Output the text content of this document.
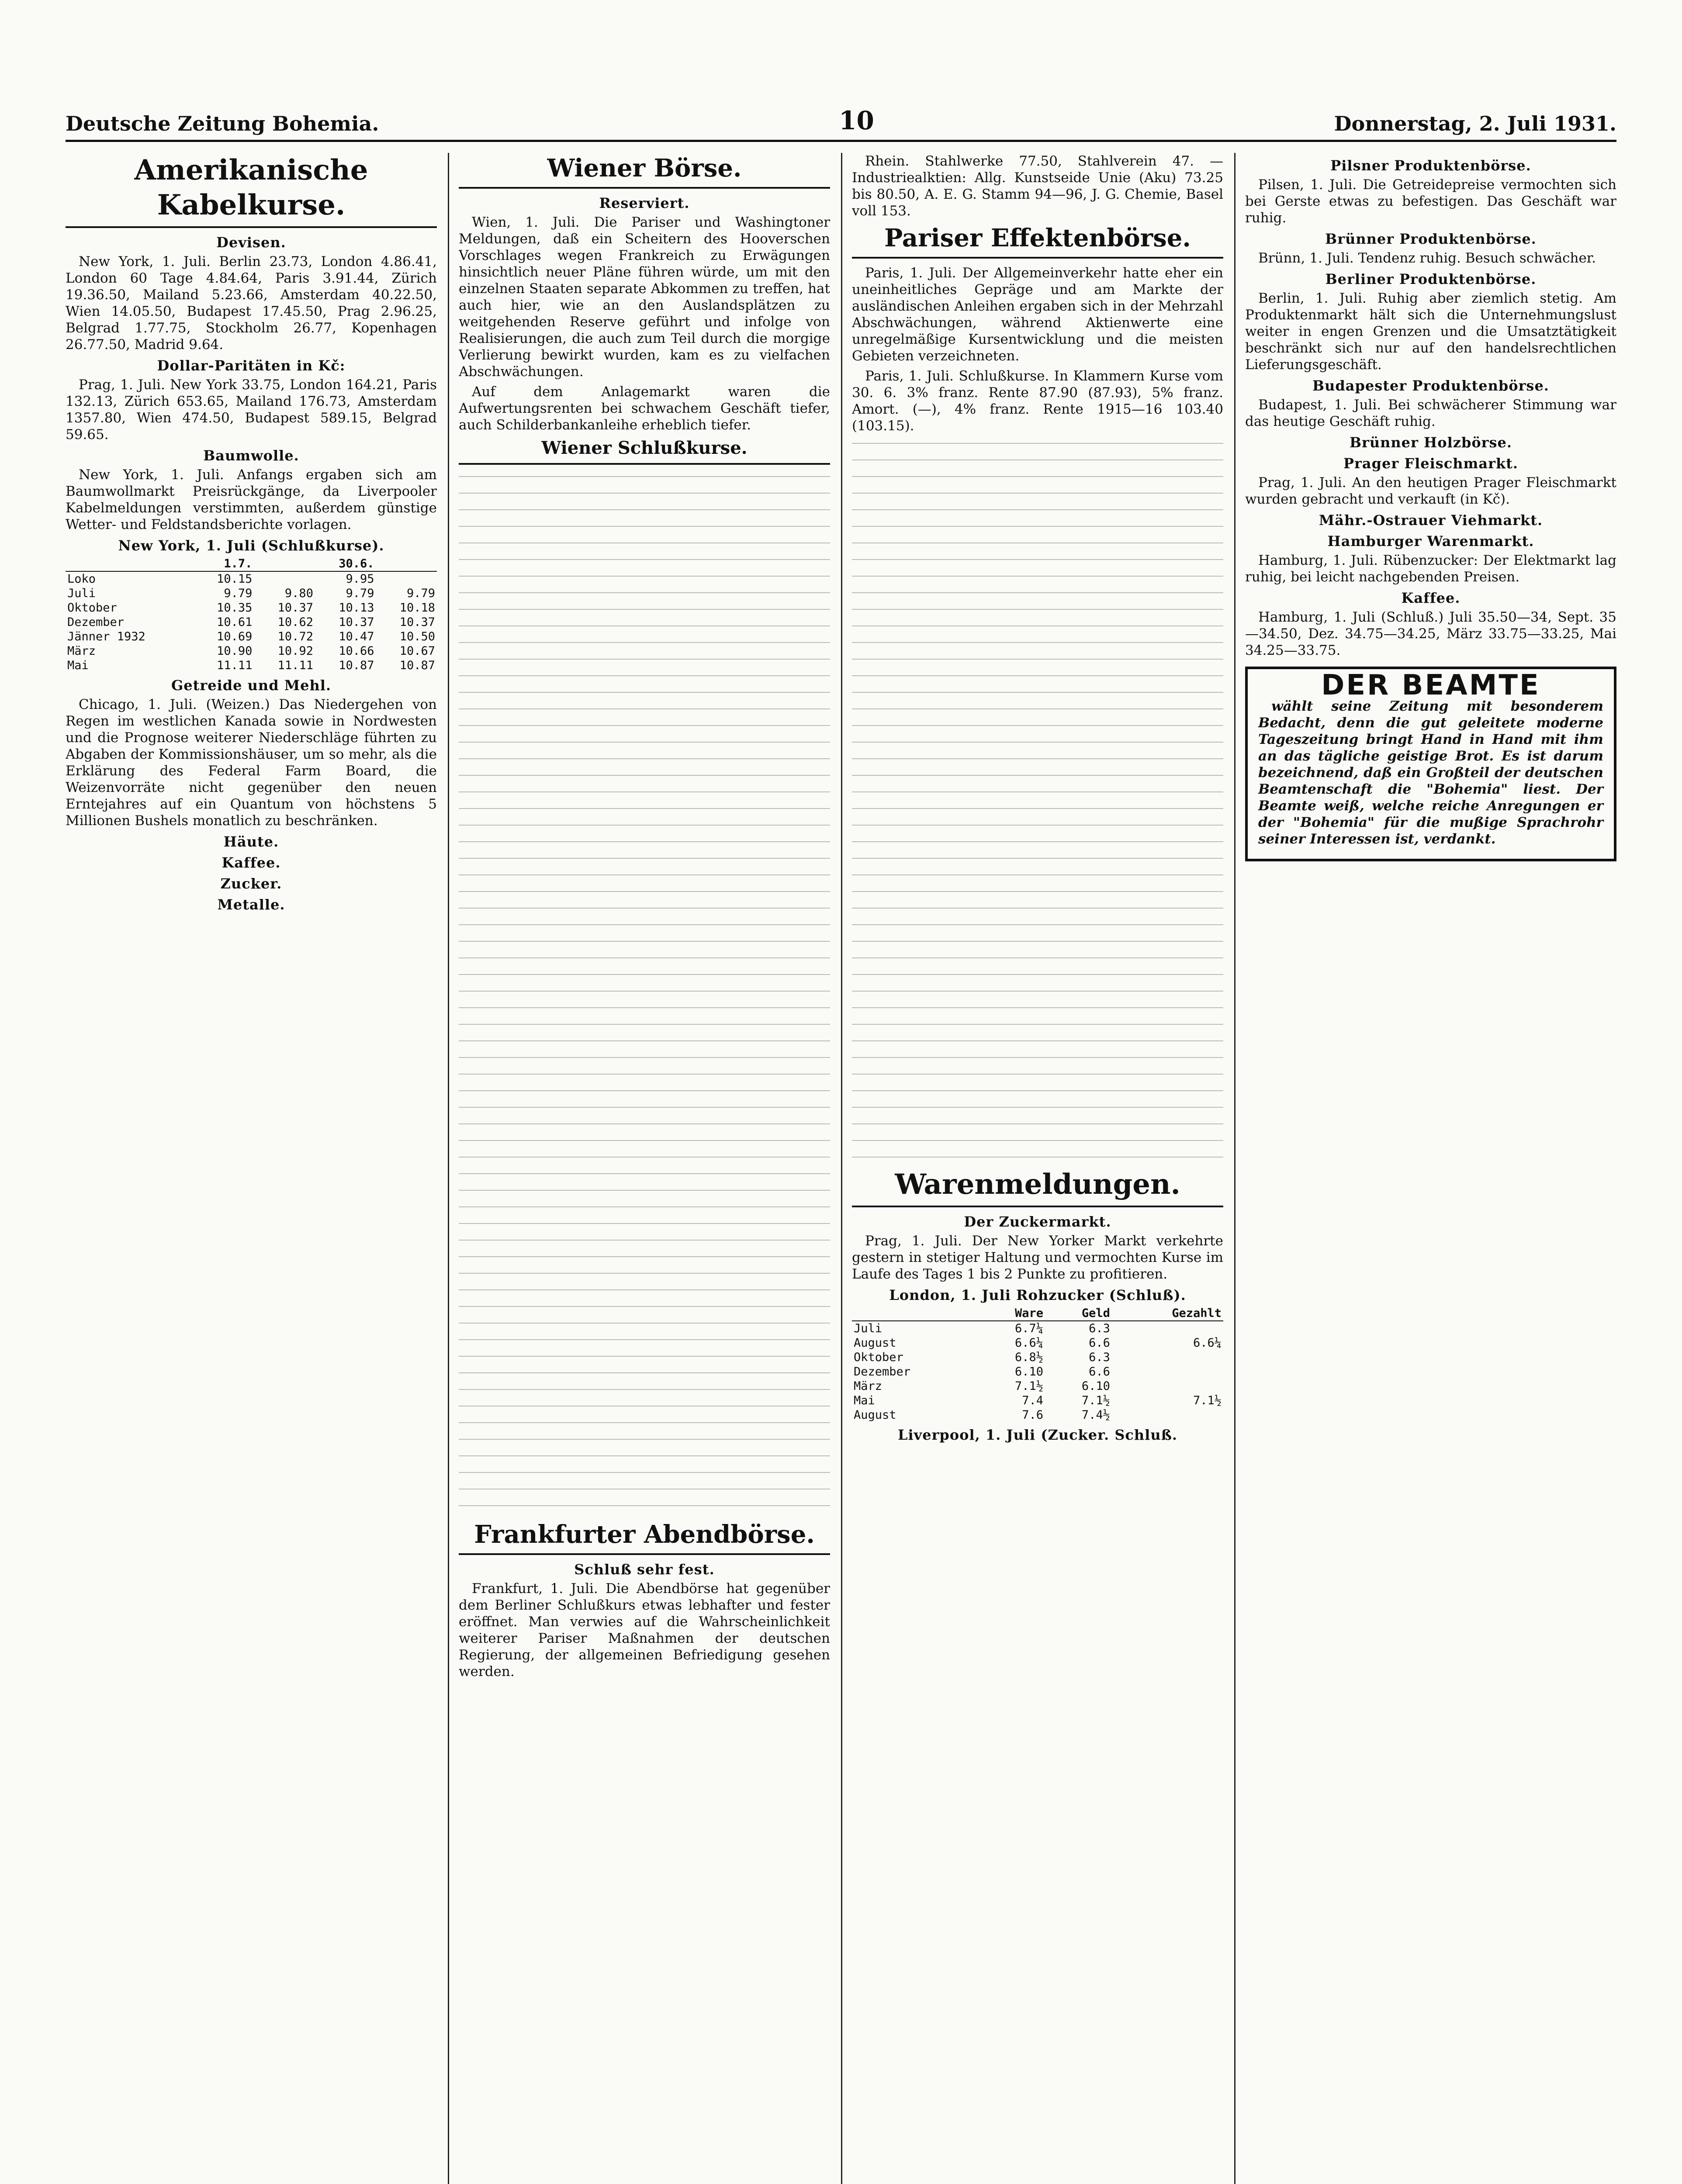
Deutsche Zeitung Bohemia.	10	Donnerstag, 2. Juli 1931.
Amerikanische Kabelkurse.
Devisen.

New York, 1. Juli. Berlin 23.73, London 4.86.41, London 60 Tage 4.84.64, Paris 3.91.44, Zürich 19.36.50, Mailand 5.23.66, Amsterdam 40.22.50, Wien 14.05.50, Budapest 17.45.50, Prag 2.96.25, Belgrad 1.77.75, Stockholm 26.77, Kopenhagen 26.77.50, Madrid 9.64.

Dollar-Paritäten in Kč:

Prag, 1. Juli. New York 33.75, London 164.21, Paris 132.13, Zürich 653.65, Mailand 176.73, Amsterdam 1357.80, Wien 474.50, Budapest 589.15, Belgrad 59.65.

Baumwolle.

New York, 1. Juli. Anfangs ergaben sich am Baumwollmarkt Preisrückgänge, da Liverpooler Kabelmeldungen verstimmten, außerdem günstige Wetter- und Feldstandsberichte vorlagen.

New York, 1. Juli (Schlußkurse).
	1.7.		30.6.	
Loko	10.15		9.95	
Juli	9.79	9.80	9.79	9.79
Oktober	10.35	10.37	10.13	10.18
Dezember	10.61	10.62	10.37	10.37
Jänner 1932	10.69	10.72	10.47	10.50
März	10.90	10.92	10.66	10.67
Mai	11.11	11.11	10.87	10.87
Getreide und Mehl.

Chicago, 1. Juli. (Weizen.) Das Niedergehen von Regen im westlichen Kanada sowie in Nordwesten und die Prognose weiterer Niederschläge führten zu Abgaben der Kommissionshäuser, um so mehr, als die Erklärung des Federal Farm Board, die Weizenvorräte nicht gegenüber den neuen Erntejahres auf ein Quantum von höchstens 5 Millionen Bushels monatlich zu beschränken.

Häute.
Kaffee.
Zucker.
Metalle.
Wiener Börse.
Reserviert.

Wien, 1. Juli. Die Pariser und Washingtoner Meldungen, daß ein Scheitern des Hooverschen Vorschlages wegen Frankreich zu Erwägungen hinsichtlich neuer Pläne führen würde, um mit den einzelnen Staaten separate Abkommen zu treffen, hat auch hier, wie an den Auslandsplätzen zu weitgehenden Reserve geführt und infolge von Realisierungen, die auch zum Teil durch die morgige Verlierung bewirkt wurden, kam es zu vielfachen Abschwächungen.

Auf dem Anlagemarkt waren die Aufwertungsrenten bei schwachem Geschäft tiefer, auch Schilderbankanleihe erheblich tiefer.

Wiener Schlußkurse.
Frankfurter Abendbörse.
Schluß sehr fest.

Frankfurt, 1. Juli. Die Abendbörse hat gegenüber dem Berliner Schlußkurs etwas lebhafter und fester eröffnet. Man verwies auf die Wahrscheinlichkeit weiterer Pariser Maßnahmen der deutschen Regierung, der allgemeinen Befriedigung gesehen werden.

Rhein. Stahlwerke 77.50, Stahlverein 47. — Industriealktien: Allg. Kunstseide Unie (Aku) 73.25 bis 80.50, A. E. G. Stamm 94—96, J. G. Chemie, Basel voll 153.

Pariser Effektenbörse.

Paris, 1. Juli. Der Allgemeinverkehr hatte eher ein uneinheitliches Gepräge und am Markte der ausländischen Anleihen ergaben sich in der Mehrzahl Abschwächungen, während Aktienwerte eine unregelmäßige Kursentwicklung und die meisten Gebieten verzeichneten.

Paris, 1. Juli. Schlußkurse. In Klammern Kurse vom 30. 6. 3% franz. Rente 87.90 (87.93), 5% franz. Amort. (—), 4% franz. Rente 1915—16 103.40 (103.15).

Warenmeldungen.
Der Zuckermarkt.

Prag, 1. Juli. Der New Yorker Markt verkehrte gestern in stetiger Haltung und vermochten Kurse im Laufe des Tages 1 bis 2 Punkte zu profitieren.

London, 1. Juli Rohzucker (Schluß).
	Ware	Geld	Gezahlt
Juli	6.7¼	6.3	
August	6.6¼	6.6	6.6¼
Oktober	6.8½	6.3	
Dezember	6.10	6.6	
März	7.1½	6.10	
Mai	7.4	7.1½	7.1½
August	7.6	7.4½	
Liverpool, 1. Juli (Zucker. Schluß.
Pilsner Produktenbörse.

Pilsen, 1. Juli. Die Getreidepreise vermochten sich bei Gerste etwas zu befestigen. Das Geschäft war ruhig.

Brünner Produktenbörse.

Brünn, 1. Juli. Tendenz ruhig. Besuch schwächer.

Berliner Produktenbörse.

Berlin, 1. Juli. Ruhig aber ziemlich stetig. Am Produktenmarkt hält sich die Unternehmungslust weiter in engen Grenzen und die Umsatztätigkeit beschränkt sich nur auf den handelsrechtlichen Lieferungsgeschäft.

Budapester Produktenbörse.

Budapest, 1. Juli. Bei schwächerer Stimmung war das heutige Geschäft ruhig.

Brünner Holzbörse.
Prager Fleischmarkt.

Prag, 1. Juli. An den heutigen Prager Fleischmarkt wurden gebracht und verkauft (in Kč).

Mähr.-Ostrauer Viehmarkt.
Hamburger Warenmarkt.

Hamburg, 1. Juli. Rübenzucker: Der Elektmarkt lag ruhig, bei leicht nachgebenden Preisen.

Kaffee.

Hamburg, 1. Juli (Schluß.) Juli 35.50—34, Sept. 35—34.50, Dez. 34.75—34.25, März 33.75—33.25, Mai 34.25—33.75.

DER BEAMTE

wählt seine Zeitung mit besonderem Bedacht, denn die gut geleitete moderne Tageszeitung bringt Hand in Hand mit ihm an das tägliche geistige Brot. Es ist darum bezeichnend, daß ein Großteil der deutschen Beamtenschaft die "Bohemia" liest. Der Beamte weiß, welche reiche Anregungen er der "Bohemia" für die mußige Sprachrohr seiner Interessen ist, verdankt.
